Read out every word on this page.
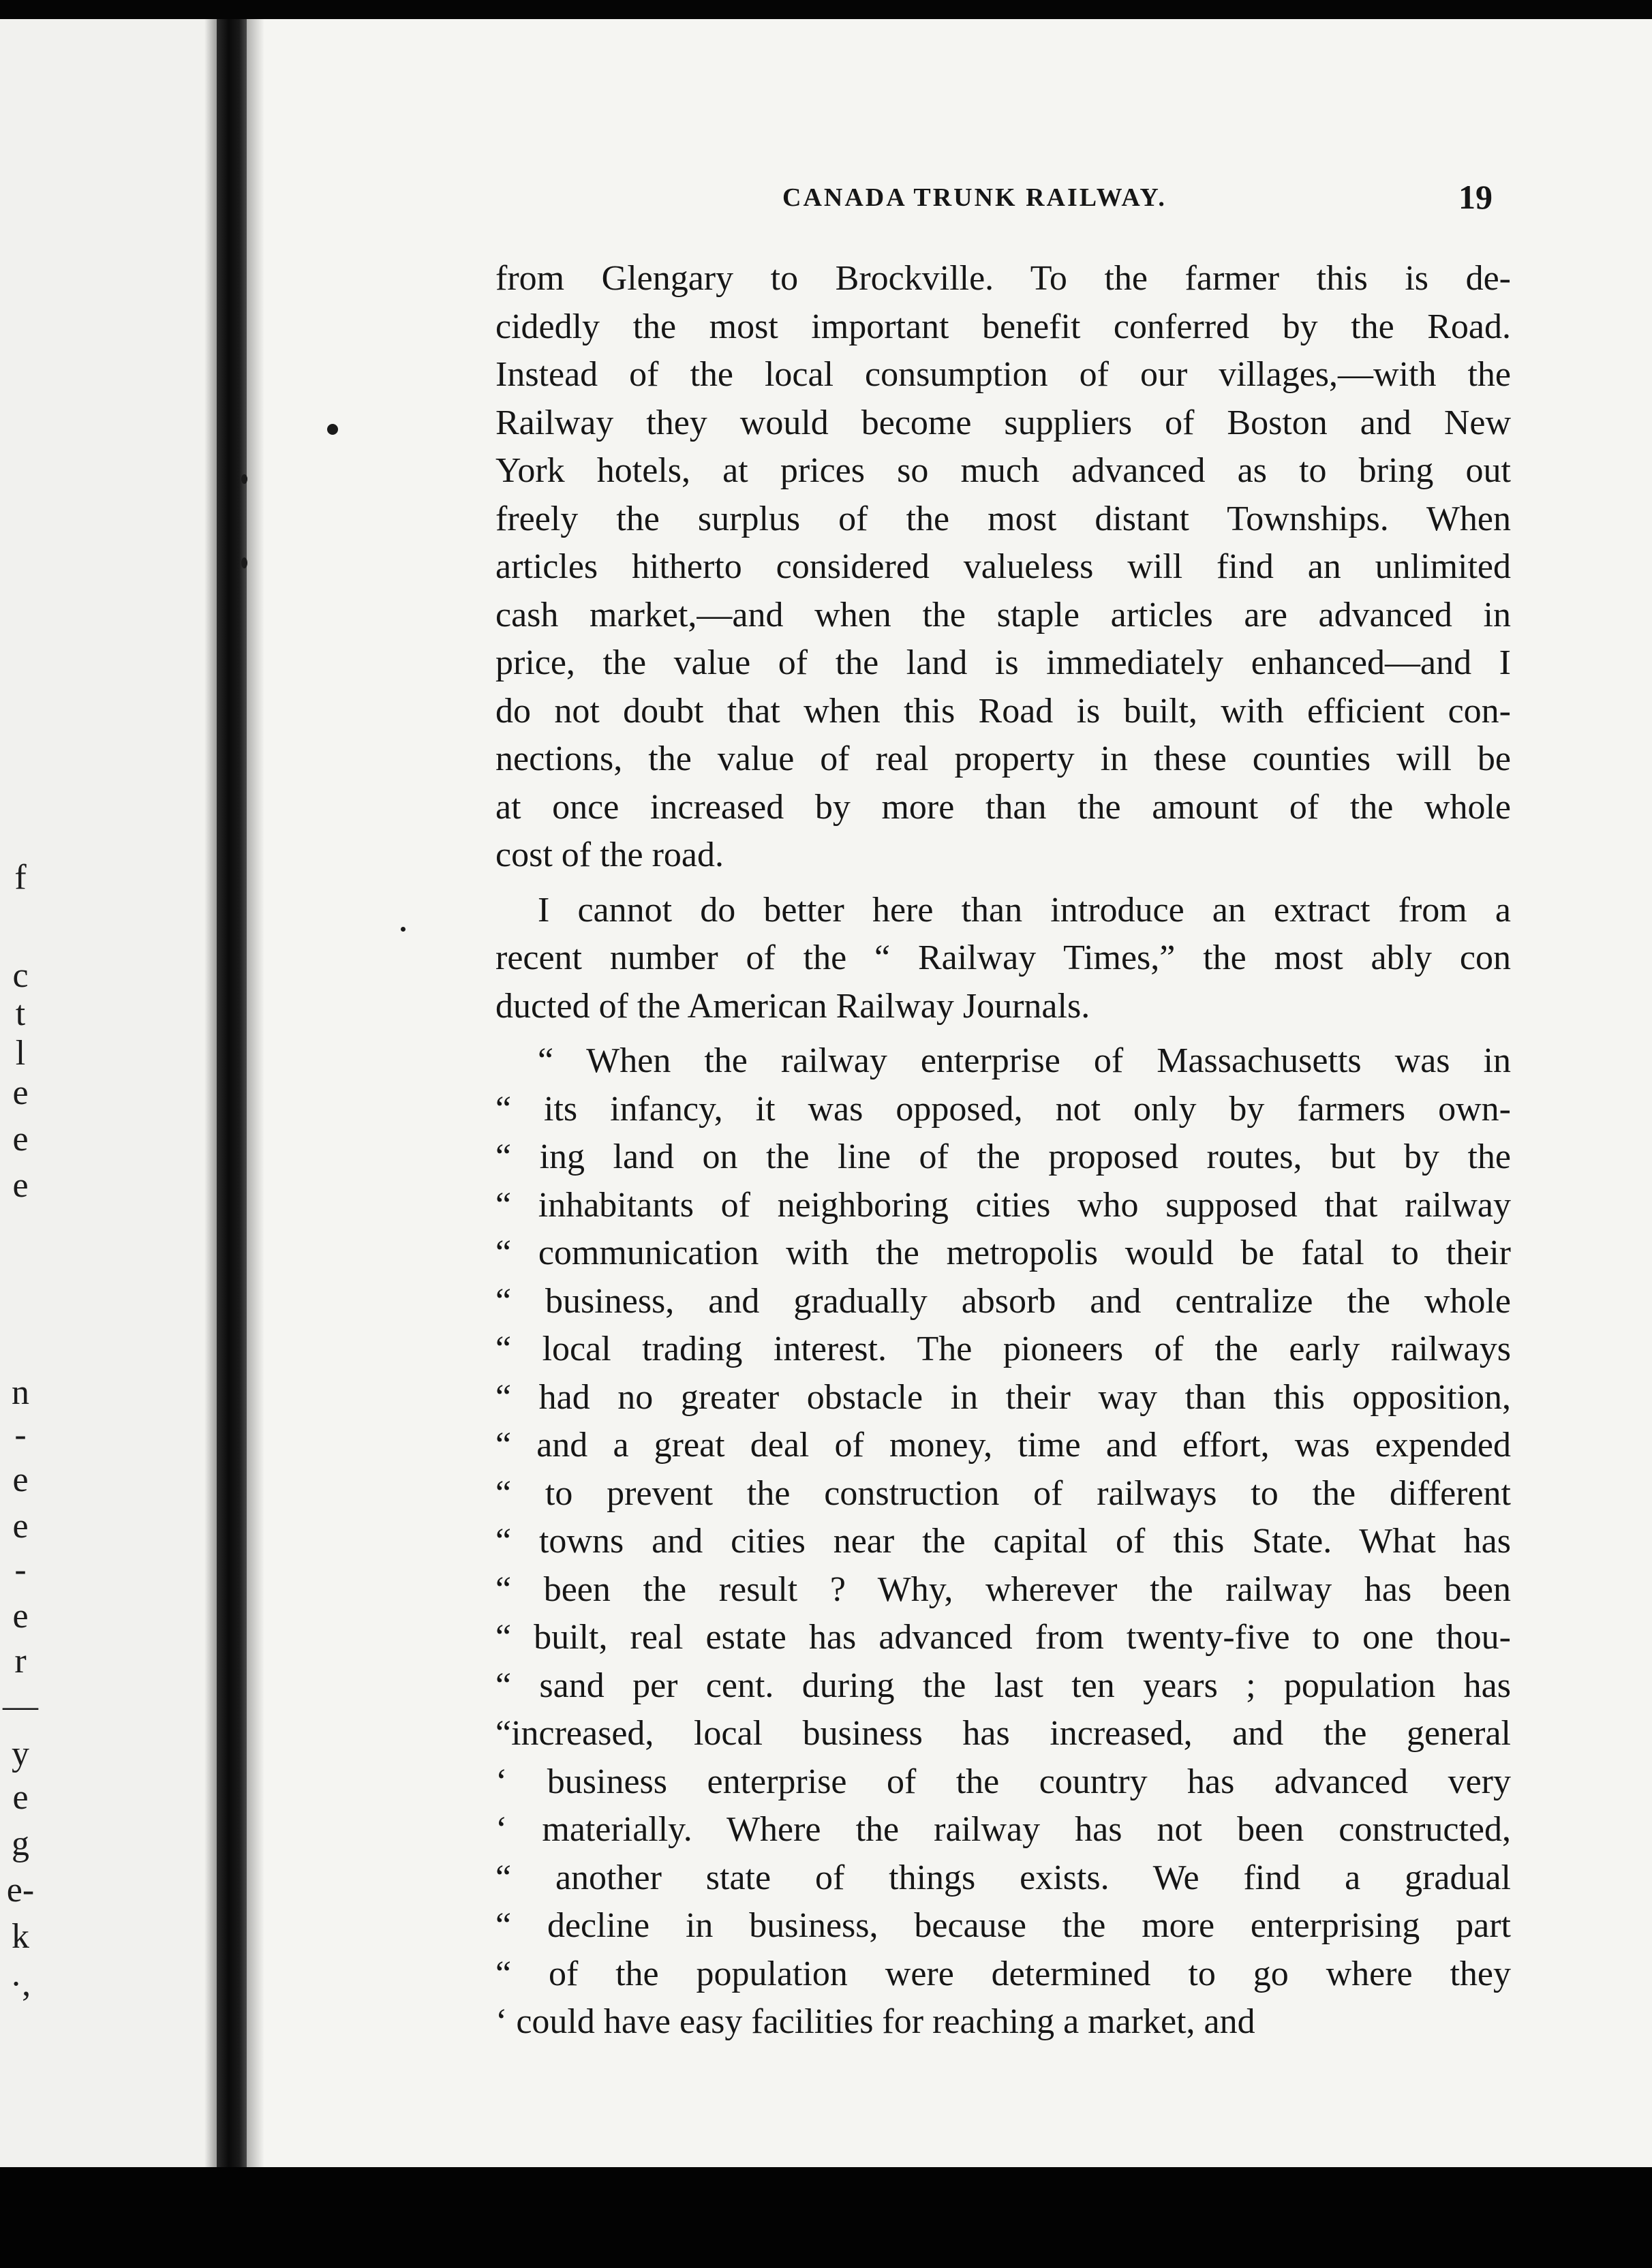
f
c
t
l
e
e
e
n
-
e
e
-
e
r
—
y
e
g
e-
k
·,
CANADA TRUNK RAILWAY.	19
from Glengary to Brockville. To the farmer this is de-
cidedly the most important benefit conferred by the Road.
Instead of the local consumption of our villages,—with the
Railway they would become suppliers of Boston and New
York hotels, at prices so much advanced as to bring out
freely the surplus of the most distant Townships. When
articles hitherto considered valueless will find an unlimited
cash market,—and when the staple articles are advanced in
price, the value of the land is immediately enhanced—and I
do not doubt that when this Road is built, with efficient con-
nections, the value of real property in these counties will be
at once increased by more than the amount of the whole
cost of the road.
I cannot do better here than introduce an extract from a
recent number of the “ Railway Times,” the most ably con
ducted of the American Railway Journals.
“ When the railway enterprise of Massachusetts was in
“ its infancy, it was opposed, not only by farmers own-
“ ing land on the line of the proposed routes, but by the
“ inhabitants of neighboring cities who supposed that railway
“ communication with the metropolis would be fatal to their
“ business, and gradually absorb and centralize the whole
“ local trading interest. The pioneers of the early railways
“ had no greater obstacle in their way than this opposition,
“ and a great deal of money, time and effort, was expended
“ to prevent the construction of railways to the different
“ towns and cities near the capital of this State. What has
“ been the result ? Why, wherever the railway has been
“ built, real estate has advanced from twenty-five to one thou-
“ sand per cent. during the last ten years ; population has
“increased, local business has increased, and the general
‘ business enterprise of the country has advanced very
‘ materially. Where the railway has not been constructed,
“ another state of things exists. We find a gradual
“ decline in business, because the more enterprising part
“ of the population were determined to go where they
‘ could have easy facilities for reaching a market, and
